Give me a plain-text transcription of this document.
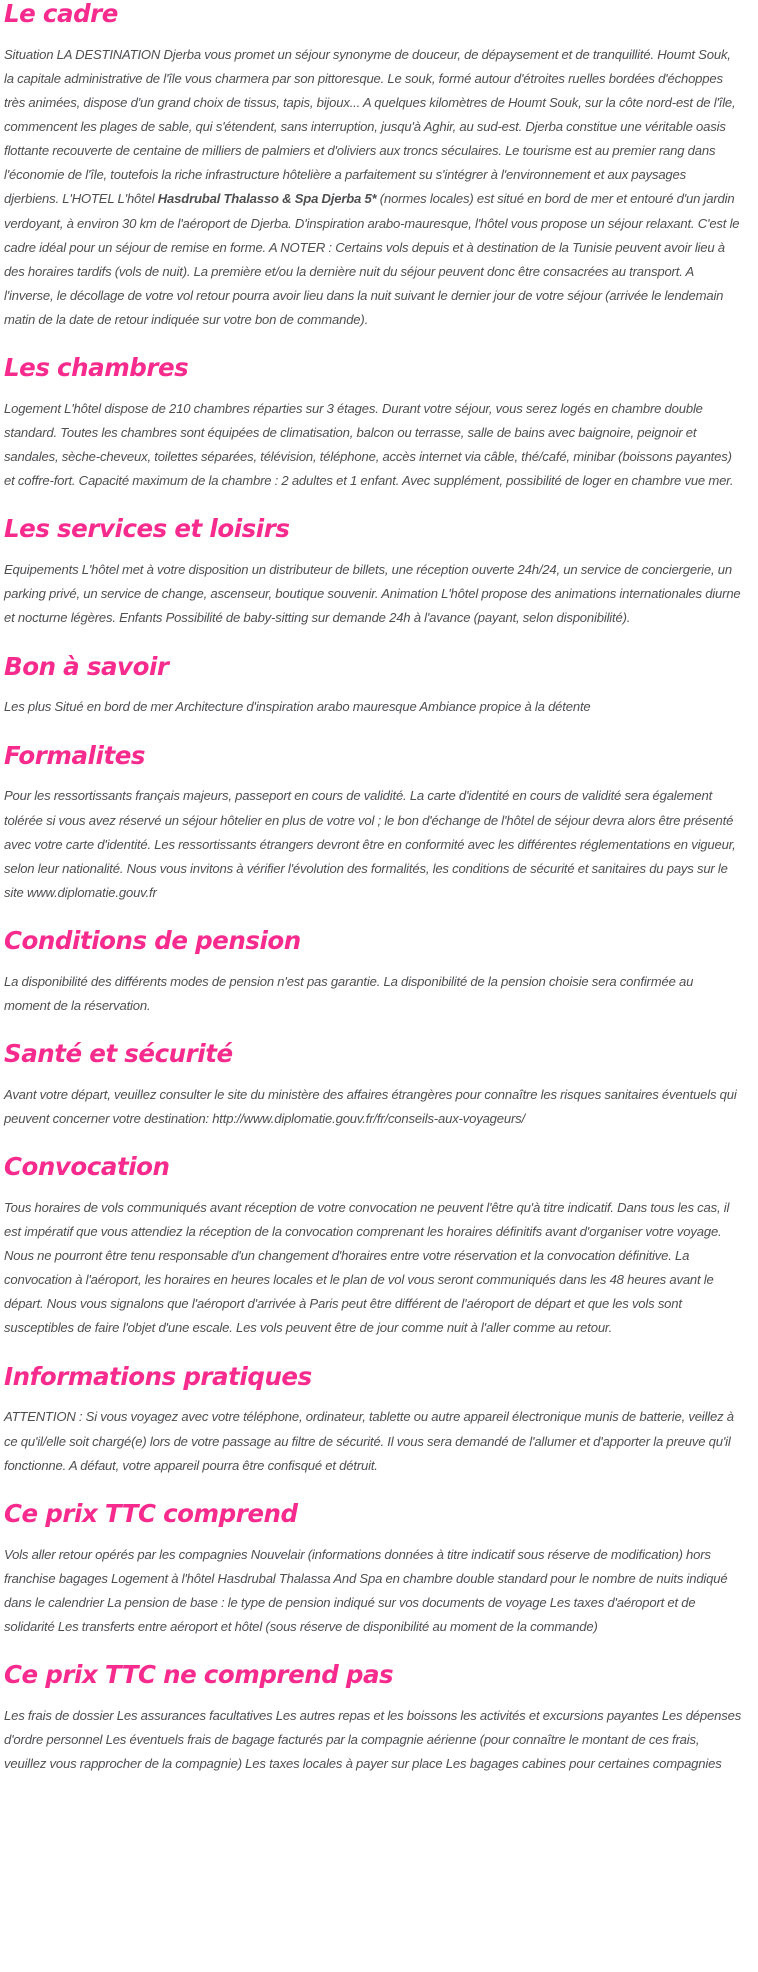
Le cadre

Situation LA DESTINATION Djerba vous promet un séjour synonyme de douceur, de dépaysement et de tranquillité. Houmt Souk, la capitale administrative de l'île vous charmera par son pittoresque. Le souk, formé autour d'étroites ruelles bordées d'échoppes très animées, dispose d'un grand choix de tissus, tapis, bijoux... A quelques kilomètres de Houmt Souk, sur la côte nord-est de l'île, commencent les plages de sable, qui s'étendent, sans interruption, jusqu'à Aghir, au sud-est. Djerba constitue une véritable oasis flottante recouverte de centaine de milliers de palmiers et d'oliviers aux troncs séculaires. Le tourisme est au premier rang dans l'économie de l'île, toutefois la riche infrastructure hôtelière a parfaitement su s'intégrer à l'environnement et aux paysages djerbiens. L'HOTEL L'hôtel Hasdrubal Thalasso & Spa Djerba 5* (normes locales) est situé en bord de mer et entouré d'un jardin verdoyant, à environ 30 km de l'aéroport de Djerba. D'inspiration arabo-mauresque, l'hôtel vous propose un séjour relaxant. C'est le cadre idéal pour un séjour de remise en forme. A NOTER : Certains vols depuis et à destination de la Tunisie peuvent avoir lieu à des horaires tardifs (vols de nuit). La première et/ou la dernière nuit du séjour peuvent donc être consacrées au transport. A l'inverse, le décollage de votre vol retour pourra avoir lieu dans la nuit suivant le dernier jour de votre séjour (arrivée le lendemain matin de la date de retour indiquée sur votre bon de commande).

Les chambres

Logement L'hôtel dispose de 210 chambres réparties sur 3 étages. Durant votre séjour, vous serez logés en chambre double standard. Toutes les chambres sont équipées de climatisation, balcon ou terrasse, salle de bains avec baignoire, peignoir et sandales, sèche-cheveux, toilettes séparées, télévision, téléphone, accès internet via câble, thé/café, minibar (boissons payantes) et coffre-fort. Capacité maximum de la chambre : 2 adultes et 1 enfant. Avec supplément, possibilité de loger en chambre vue mer.

Les services et loisirs

Equipements L'hôtel met à votre disposition un distributeur de billets, une réception ouverte 24h/24, un service de conciergerie, un parking privé, un service de change, ascenseur, boutique souvenir. Animation L'hôtel propose des animations internationales diurne et nocturne légères. Enfants Possibilité de baby-sitting sur demande 24h à l'avance (payant, selon disponibilité).

Bon à savoir

Les plus Situé en bord de mer Architecture d'inspiration arabo mauresque Ambiance propice à la détente

Formalites

Pour les ressortissants français majeurs, passeport en cours de validité. La carte d'identité en cours de validité sera également tolérée si vous avez réservé un séjour hôtelier en plus de votre vol ; le bon d'échange de l'hôtel de séjour devra alors être présenté avec votre carte d'identité. Les ressortissants étrangers devront être en conformité avec les différentes réglementations en vigueur, selon leur nationalité. Nous vous invitons à vérifier l'évolution des formalités, les conditions de sécurité et sanitaires du pays sur le site www.diplomatie.gouv.fr

Conditions de pension

La disponibilité des différents modes de pension n'est pas garantie. La disponibilité de la pension choisie sera confirmée au moment de la réservation.

Santé et sécurité

Avant votre départ, veuillez consulter le site du ministère des affaires étrangères pour connaître les risques sanitaires éventuels qui peuvent concerner votre destination: http://www.diplomatie.gouv.fr/fr/conseils-aux-voyageurs/

Convocation

Tous horaires de vols communiqués avant réception de votre convocation ne peuvent l'être qu'à titre indicatif. Dans tous les cas, il est impératif que vous attendiez la réception de la convocation comprenant les horaires définitifs avant d'organiser votre voyage. Nous ne pourront être tenu responsable d'un changement d'horaires entre votre réservation et la convocation définitive. La convocation à l'aéroport, les horaires en heures locales et le plan de vol vous seront communiqués dans les 48 heures avant le départ. Nous vous signalons que l'aéroport d'arrivée à Paris peut être différent de l'aéroport de départ et que les vols sont susceptibles de faire l'objet d'une escale. Les vols peuvent être de jour comme nuit à l'aller comme au retour.

Informations pratiques

ATTENTION : Si vous voyagez avec votre téléphone, ordinateur, tablette ou autre appareil électronique munis de batterie, veillez à ce qu'il/elle soit chargé(e) lors de votre passage au filtre de sécurité. Il vous sera demandé de l'allumer et d'apporter la preuve qu'il fonctionne. A défaut, votre appareil pourra être confisqué et détruit.

Ce prix TTC comprend

Vols aller retour opérés par les compagnies Nouvelair (informations données à titre indicatif sous réserve de modification) hors franchise bagages Logement à l'hôtel Hasdrubal Thalassa And Spa en chambre double standard pour le nombre de nuits indiqué dans le calendrier La pension de base : le type de pension indiqué sur vos documents de voyage Les taxes d'aéroport et de solidarité Les transferts entre aéroport et hôtel (sous réserve de disponibilité au moment de la commande)

Ce prix TTC ne comprend pas

Les frais de dossier Les assurances facultatives Les autres repas et les boissons les activités et excursions payantes Les dépenses d'ordre personnel Les éventuels frais de bagage facturés par la compagnie aérienne (pour connaître le montant de ces frais, veuillez vous rapprocher de la compagnie) Les taxes locales à payer sur place Les bagages cabines pour certaines compagnies
